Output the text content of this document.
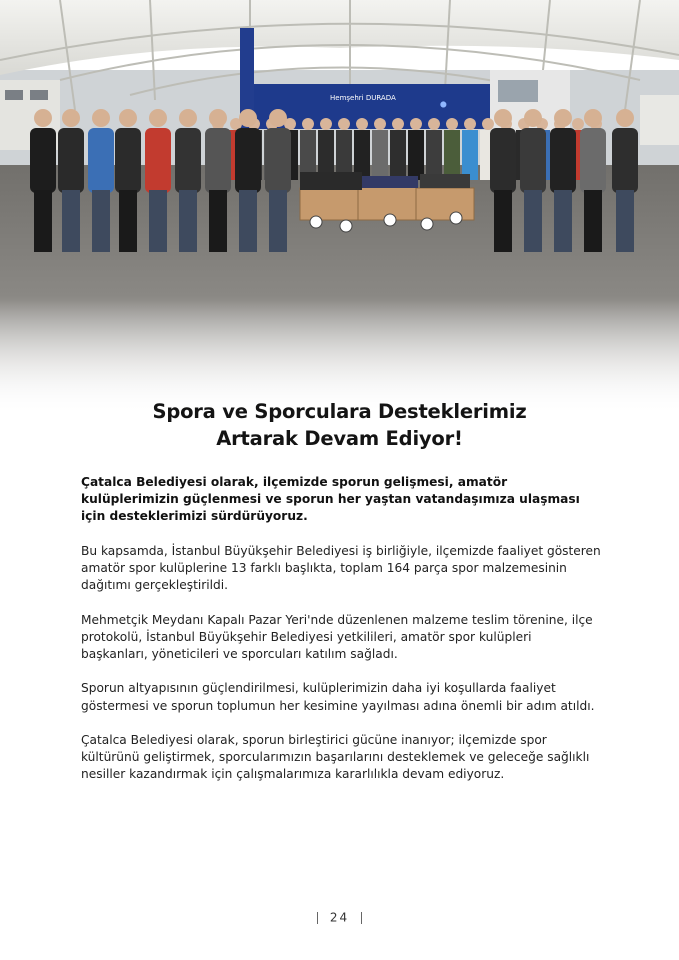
Hemşehri DURADA
⬤
Spora ve Sporculara Desteklerimiz
Artarak Devam Ediyor!

Çatalca Belediyesi olarak, ilçemizde sporun gelişmesi, amatör kulüplerimizin güçlenmesi ve sporun her yaştan vatandaşımıza ulaşması için desteklerimizi sürdürüyoruz.

Bu kapsamda, İstanbul Büyükşehir Belediyesi iş birliğiyle, ilçemizde faaliyet gösteren amatör spor kulüplerine 13 farklı başlıkta, toplam 164 parça spor malzemesinin dağıtımı gerçekleştirildi.

Mehmetçik Meydanı Kapalı Pazar Yeri'nde düzenlenen malzeme teslim törenine, ilçe protokolü, İstanbul Büyükşehir Belediyesi yetkilileri, amatör spor kulüpleri başkanları, yöneticileri ve sporcuları katılım sağladı.

Sporun altyapısının güçlendirilmesi, kulüplerimizin daha iyi koşullarda faaliyet göstermesi ve sporun toplumun her kesimine yayılması adına önemli bir adım atıldı.

Çatalca Belediyesi olarak, sporun birleştirici gücüne inanıyor; ilçemizde spor kültürünü geliştirmek, sporcularımızın başarılarını desteklemek ve geleceğe sağlıklı nesiller kazandırmak için çalışmalarımıza kararlılıkla devam ediyoruz.

24
